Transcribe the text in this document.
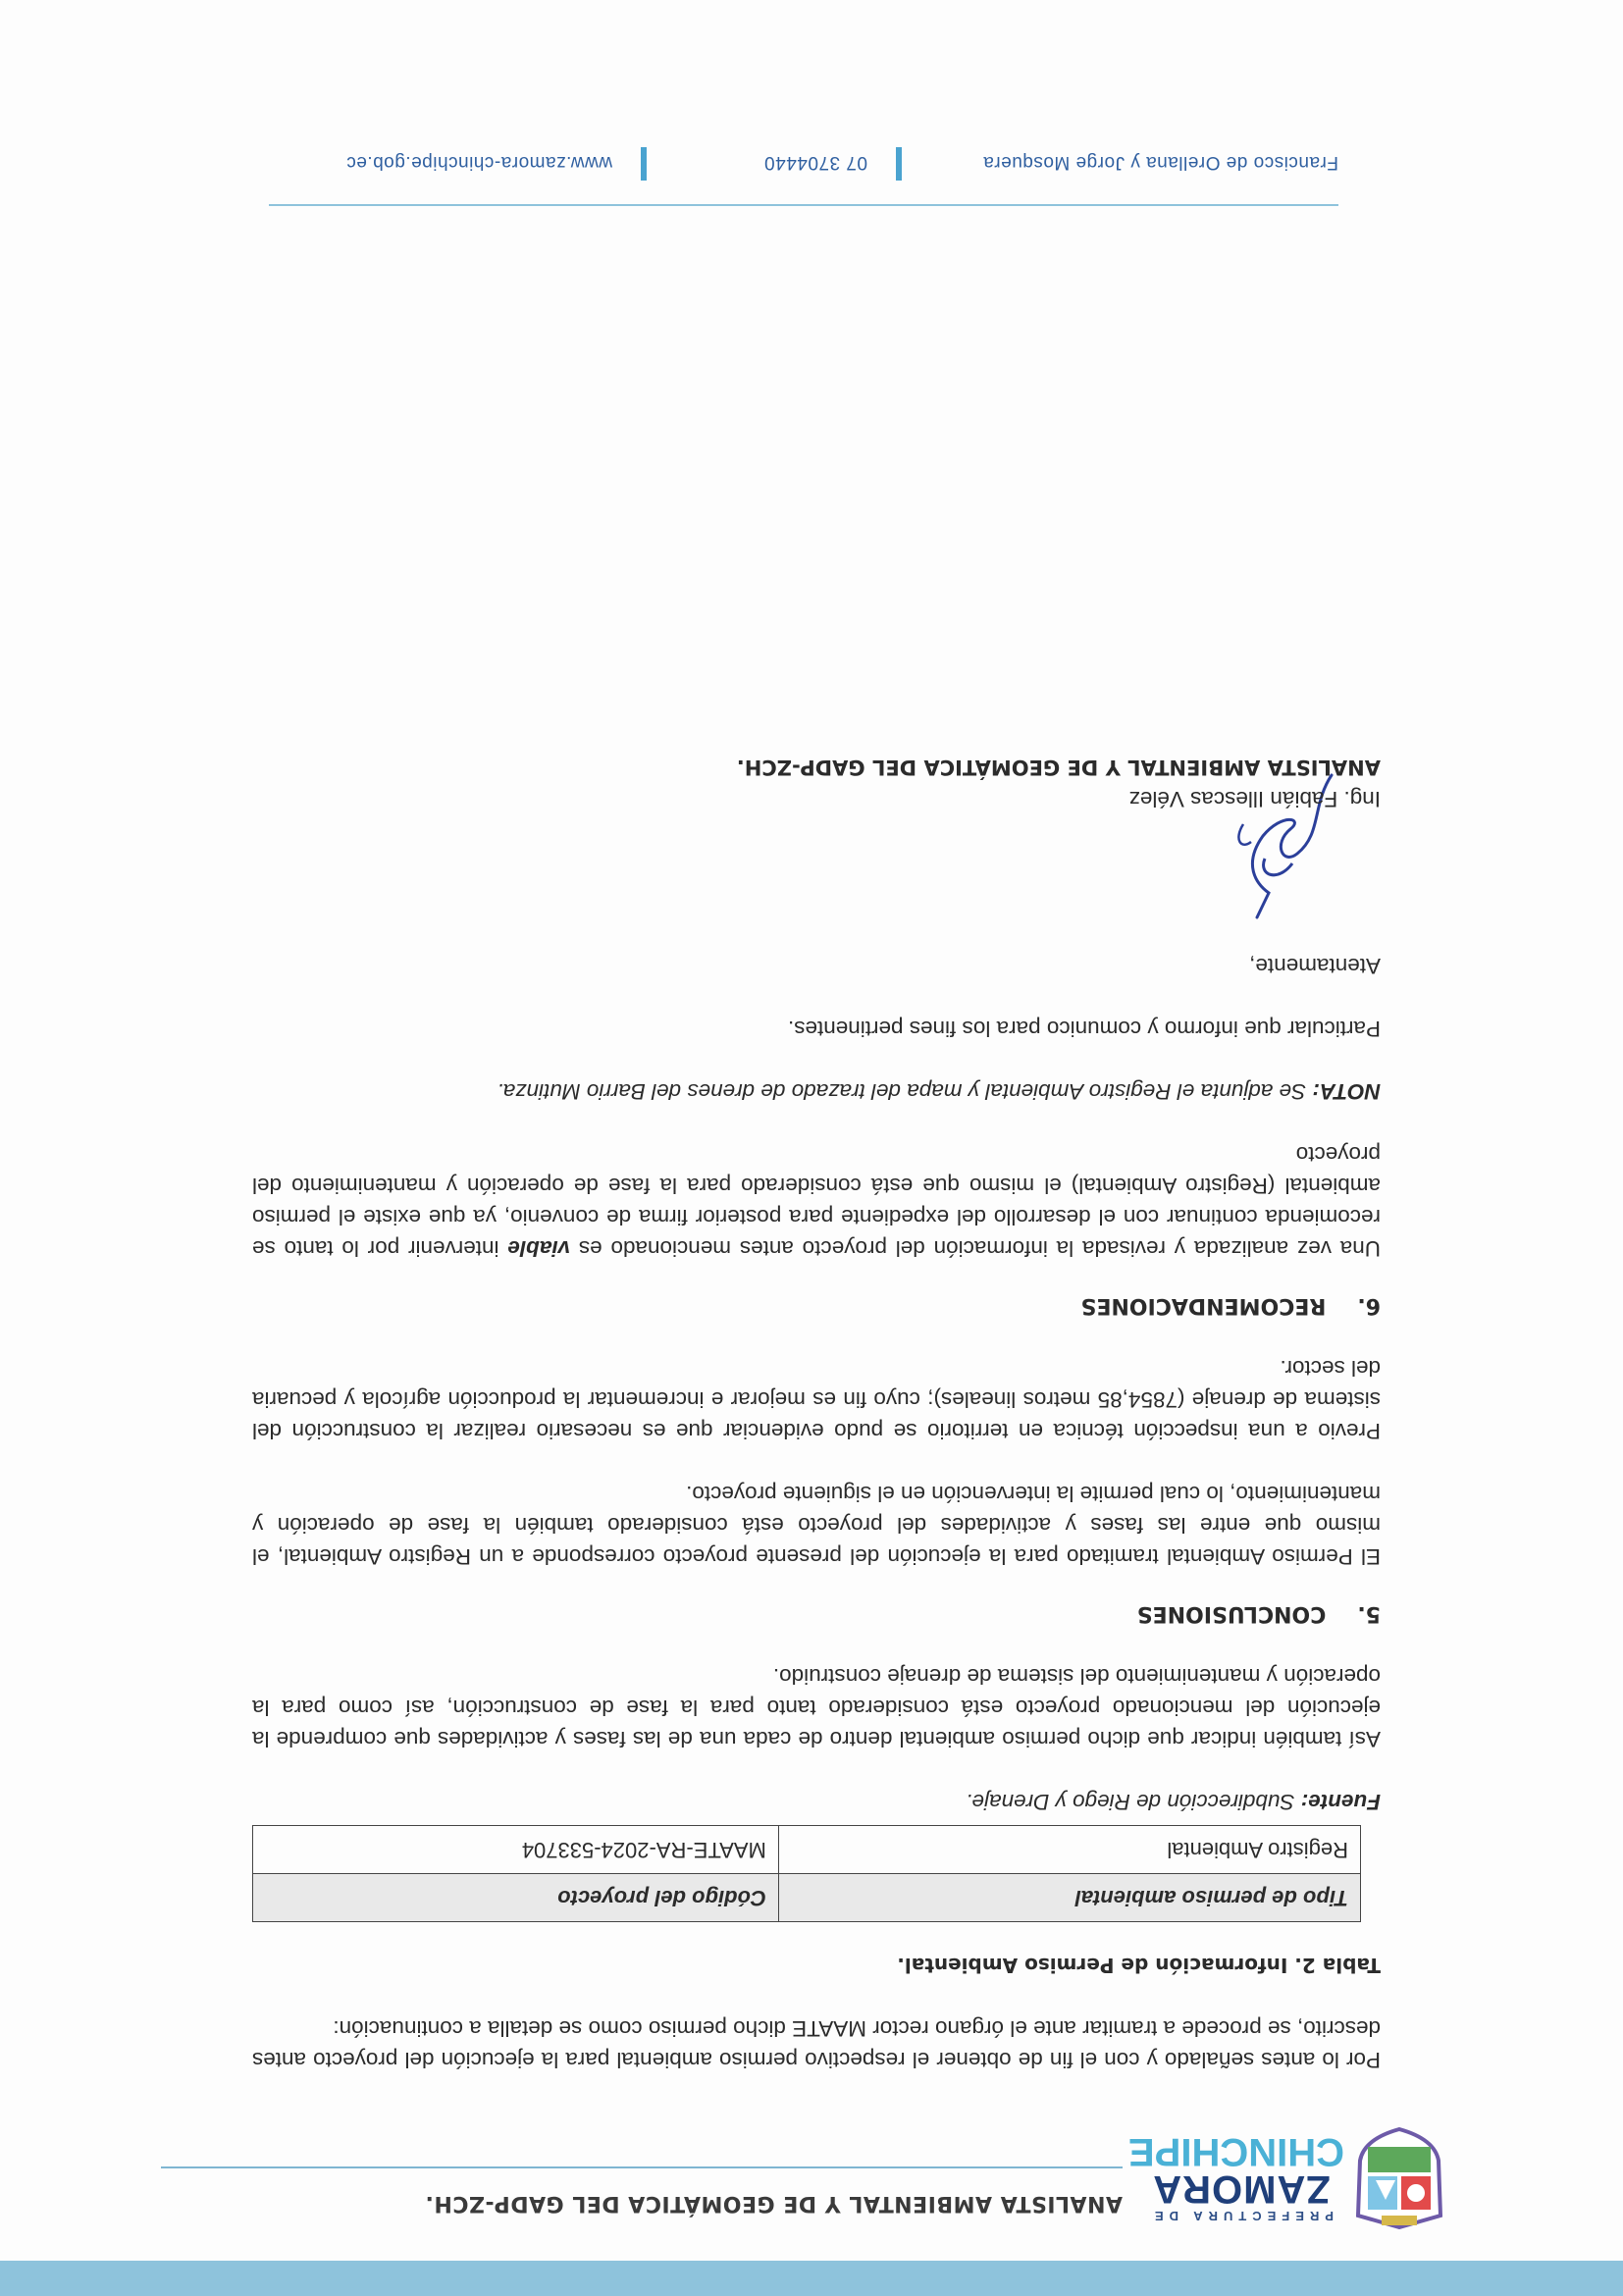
PREFECTURA DE
ZAMORA
CHINCHIPE
ANALISTA AMBIENTAL Y DE GEOMÁTICA DEL GADP-ZCH.

Por lo antes señalado y con el fin de obtener el respectivo permiso ambiental para la ejecución del proyecto antes descrito, se procede a tramitar ante el órgano rector MAATE dicho permiso como se detalla a continuación:

Tabla 2. Información de Permiso Ambiental.
Tipo de permiso ambiental	Código del proyecto
Registro Ambiental	MAATE-RA-2024-533704

Fuente: Subdirección de Riego y Drenaje.

Así también indicar que dicho permiso ambiental dentro de cada una de las fases y actividades que comprende la ejecución del mencionado proyecto está considerado tanto para la fase de construcción, así como para la operación y mantenimiento del sistema de drenaje construido.

5. CONCLUSIONES

El Permiso Ambiental tramitado para la ejecución del presente proyecto corresponde a un Registro Ambiental, el mismo que entre las fases y actividades del proyecto está considerado también la fase de operación y mantenimiento, lo cual permite la intervención en el siguiente proyecto.

Previo a una inspección técnica en territorio se pudo evidenciar que es necesario realizar la construcción del sistema de drenaje (7854,85 metros lineales); cuyo fin es mejorar e incrementar la producción agrícola y pecuaria del sector.

6. RECOMENDACIONES

Una vez analizada y revisada la información del proyecto antes mencionado es viable intervenir por lo tanto se recomienda continuar con el desarrollo del expediente para posterior firma de convenio, ya que existe el permiso ambiental (Registro Ambiental) el mismo que está considerado para la fase de operación y mantenimiento del proyecto

NOTA: Se adjunta el Registro Ambiental y mapa del trazado de drenes del Barrio Mutinza.

Particular que informo y comunico para los fines pertinentes.

Atentamente,
Ing. Fabián Illescas Vélez
ANALISTA AMBIENTAL Y DE GEOMÁTICA DEL GADP-ZCH.
Francisco de Orellana y Jorge Mosquera
07 3704440
www.zamora-chinchipe.gob.ec
